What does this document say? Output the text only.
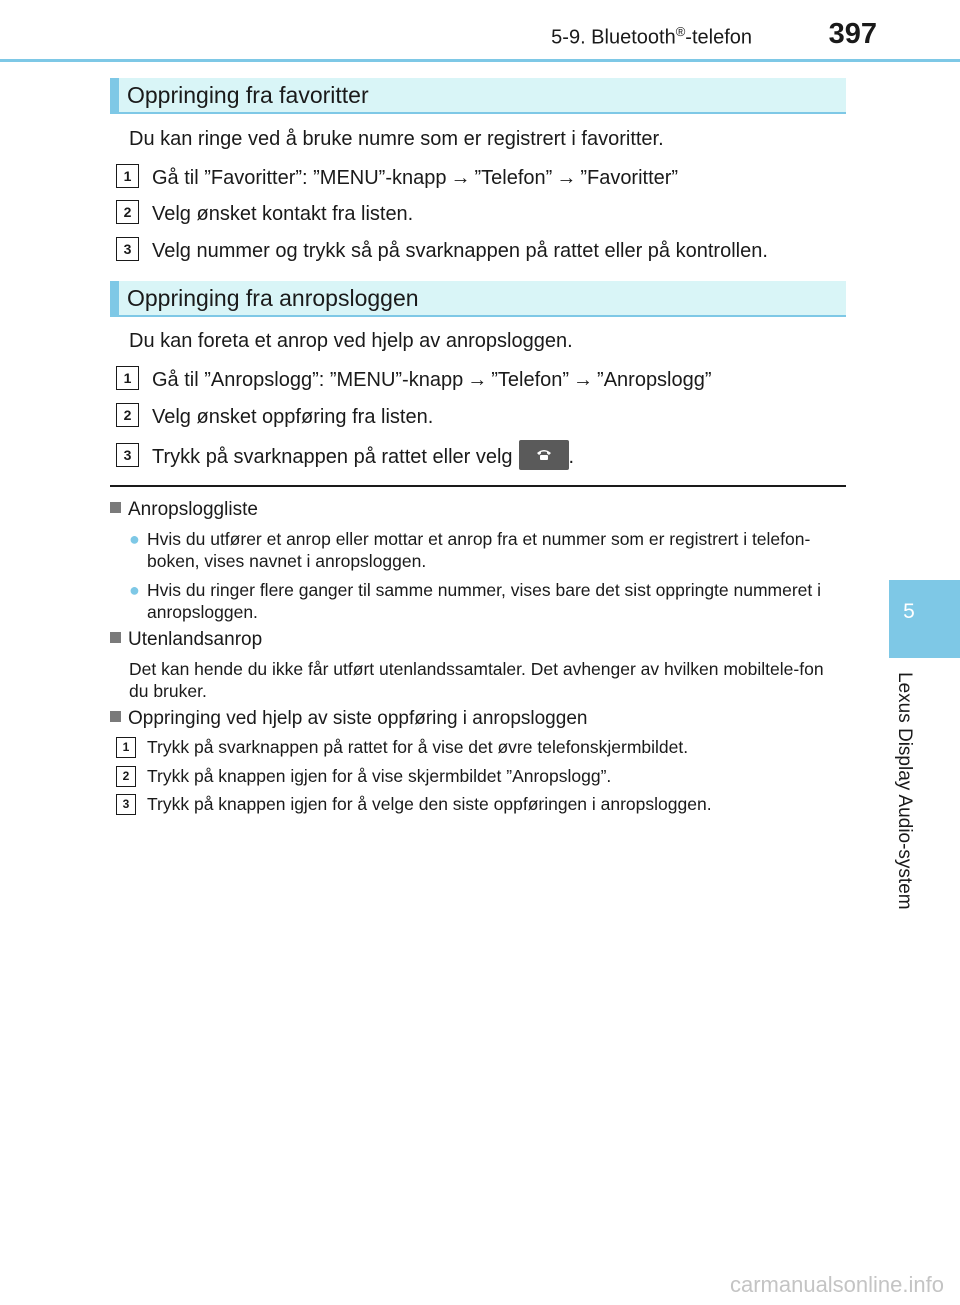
5-9. Bluetooth®-telefon	397
5
Lexus Display Audio-system
Oppringing fra favoritter
Du kan ringe ved å bruke numre som er registrert i favoritter.
1 Gå til ”Favoritter”: ”MENU”-knapp → ”Telefon” → ”Favoritter”
2 Velg ønsket kontakt fra listen.
3 Velg nummer og trykk så på svarknappen på rattet eller på kontrollen.
Oppringing fra anropsloggen
Du kan foreta et anrop ved hjelp av anropsloggen.
1 Gå til ”Anropslogg”: ”MENU”-knapp → ”Telefon” → ”Anropslogg”
2 Velg ønsket oppføring fra listen.
3 Trykk på svarknappen på rattet eller velg	.
Anropsloggliste
● Hvis du utfører et anrop eller mottar et anrop fra et nummer som er registrert i telefon-boken, vises navnet i anropsloggen.
● Hvis du ringer flere ganger til samme nummer, vises bare det sist oppringte nummeret i anropsloggen.
Utenlandsanrop
Det kan hende du ikke får utført utenlandssamtaler. Det avhenger av hvilken mobiltele-fon du bruker.
Oppringing ved hjelp av siste oppføring i anropsloggen
1 Trykk på svarknappen på rattet for å vise det øvre telefonskjermbildet.
2 Trykk på knappen igjen for å vise skjermbildet ”Anropslogg”.
3 Trykk på knappen igjen for å velge den siste oppføringen i anropsloggen.
carmanualsonline.info
